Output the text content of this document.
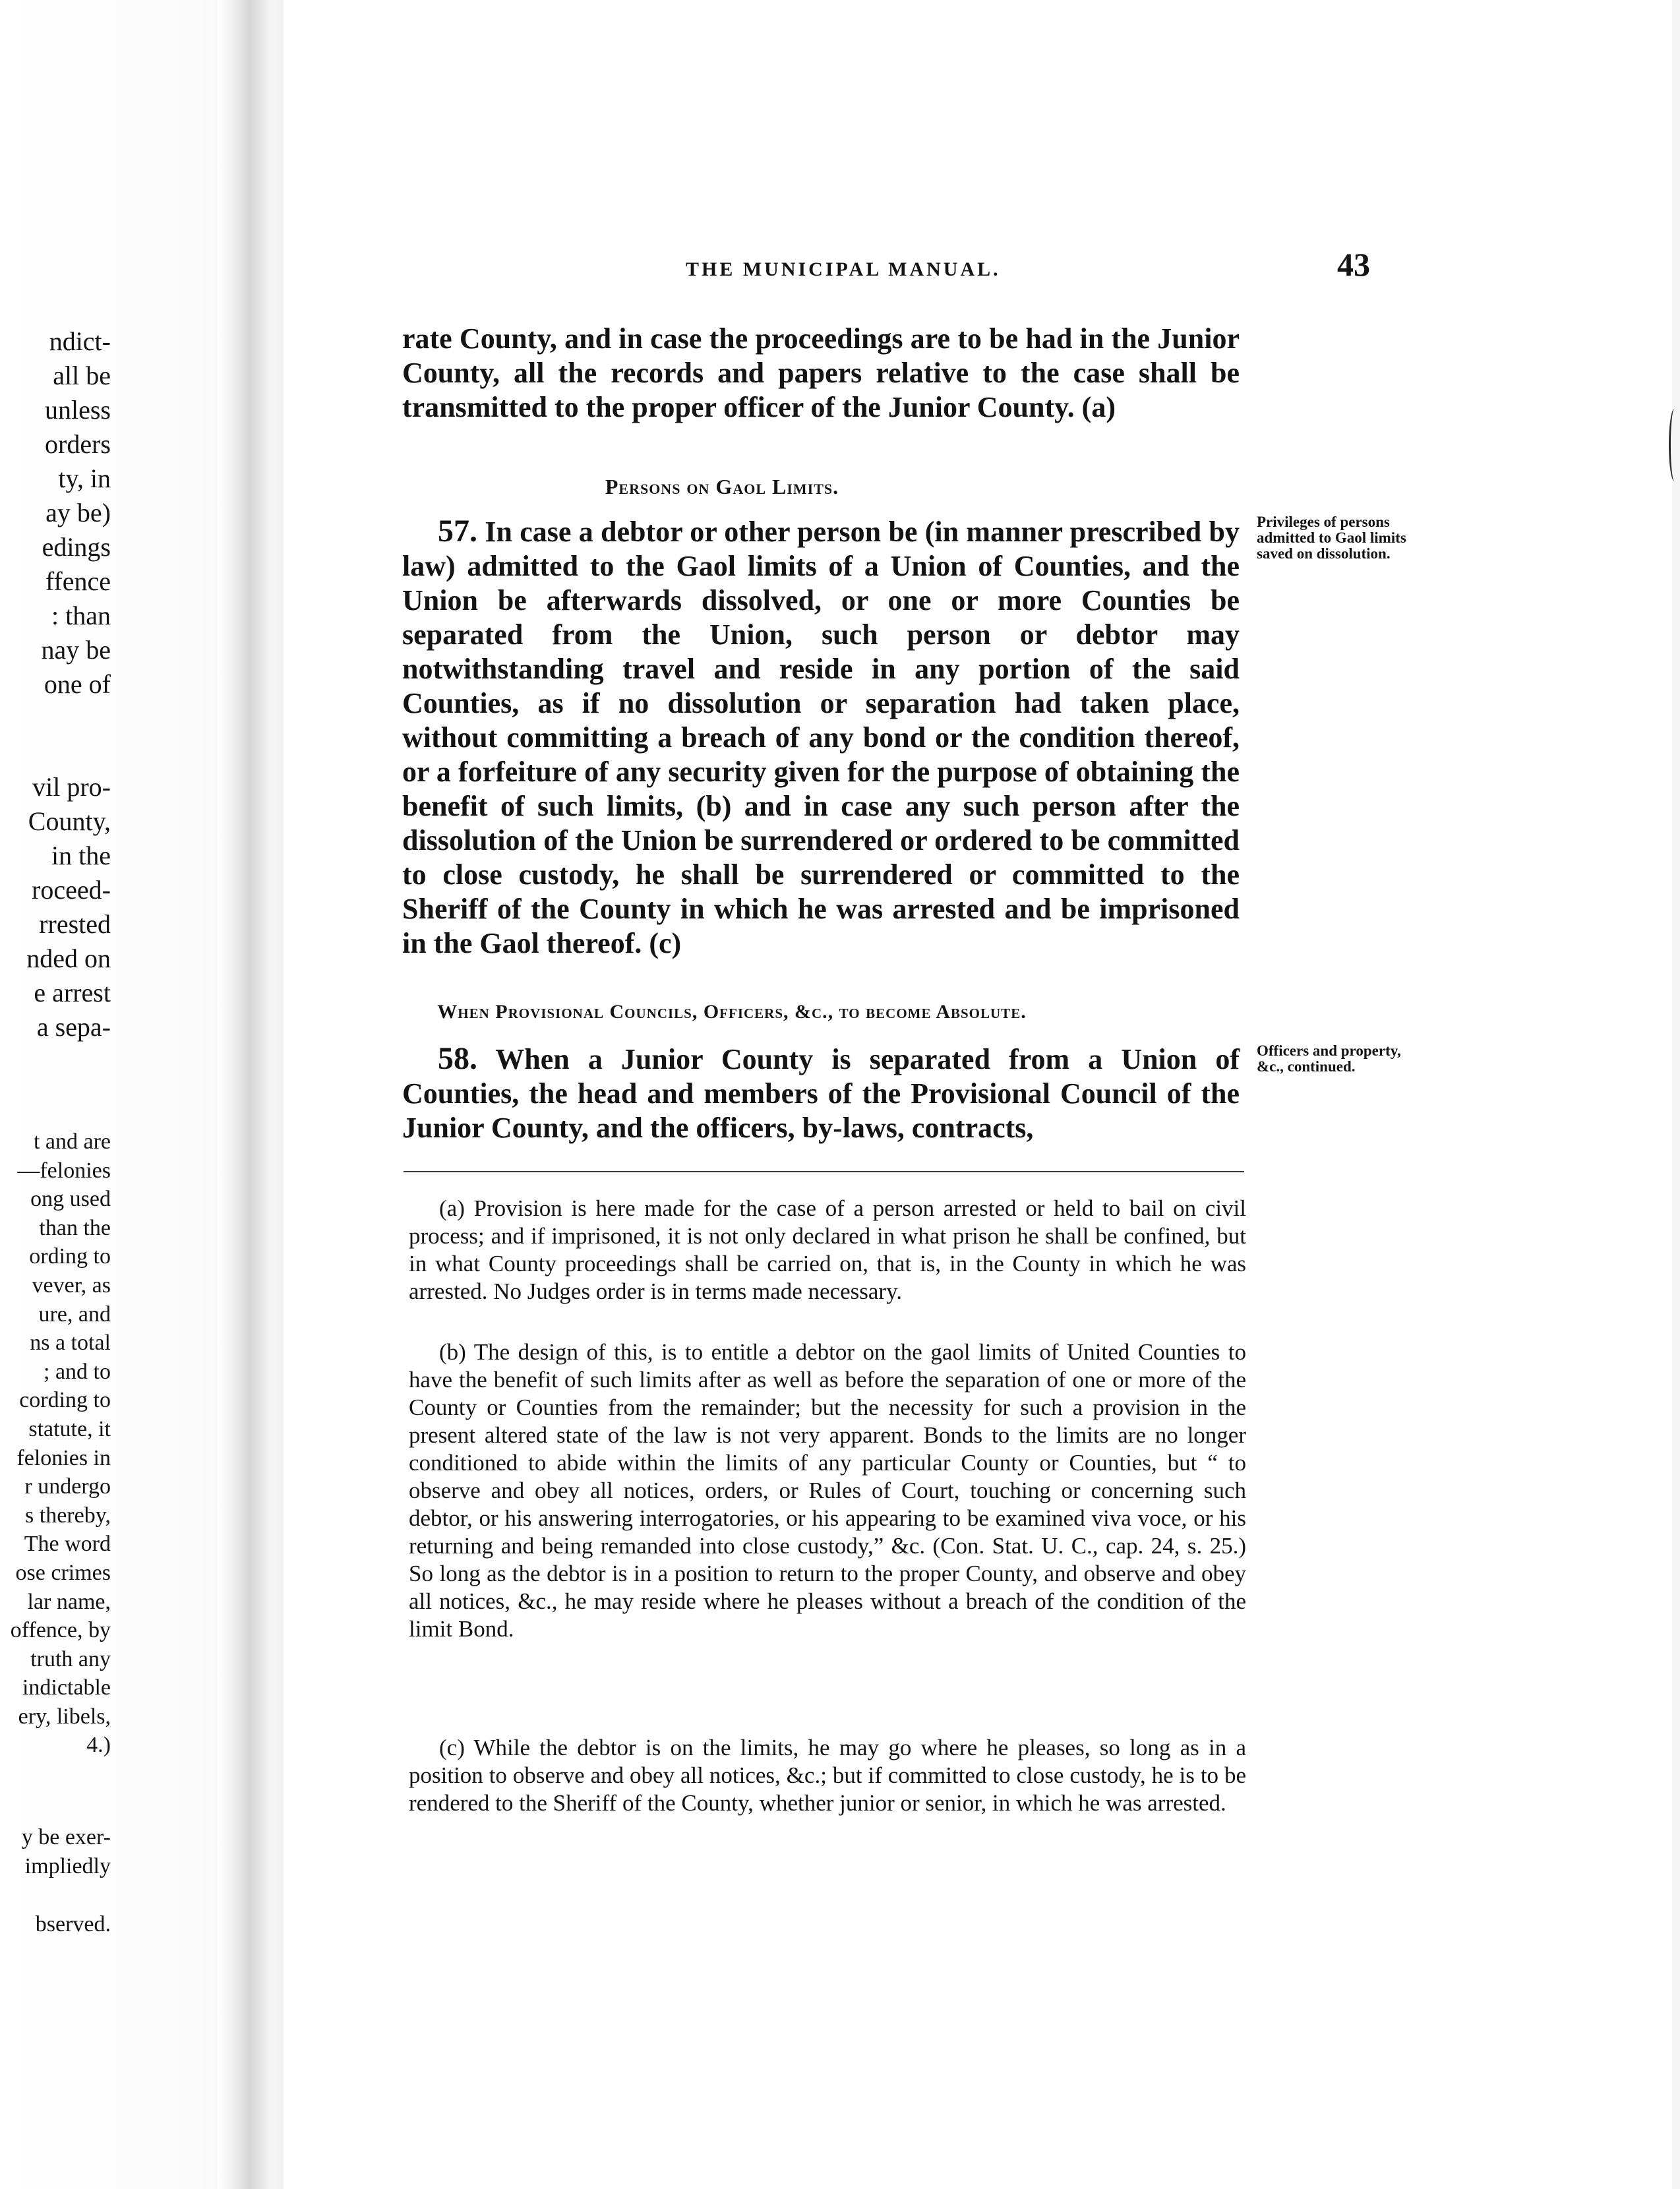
ndict-
all be
unless
orders
ty, in
ay be)
edings
ffence
: than
nay be
one of

vil pro-
County,
in the
roceed-
rrested
nded on
e arrest
a sepa-
t and are
—felonies
ong used
than the
ording to
vever, as
ure, and
ns a total
; and to
cording to
statute, it
felonies in
r undergo
s thereby,
The word
ose crimes
lar name,
offence, by
truth any
indictable
ery, libels,
4.)
y be exer-
impliedly

bserved.
THE MUNICIPAL MANUAL.	43

rate County, and in case the proceedings are to be had in the Junior County, all the records and papers relative to the case shall be transmitted to the proper officer of the Junior County. (a)

Persons on Gaol Limits.

57. In case a debtor or other person be (in manner prescribed by law) admitted to the Gaol limits of a Union of Counties, and the Union be afterwards dissolved, or one or more Counties be separated from the Union, such person or debtor may notwithstanding travel and reside in any portion of the said Counties, as if no dissolution or separation had taken place, without committing a breach of any bond or the condition thereof, or a forfeiture of any security given for the purpose of obtaining the benefit of such limits, (b) and in case any such person after the dissolution of the Union be surrendered or ordered to be committed to close custody, he shall be surrendered or committed to the Sheriff of the County in which he was arrested and be imprisoned in the Gaol thereof. (c)

Privileges of persons admitted to Gaol limits saved on dissolution.

When Provisional Councils, Officers, &c., to become Absolute.

58. When a Junior County is separated from a Union of Counties, the head and members of the Provisional Council of the Junior County, and the officers, by-laws, contracts,

Officers and property, &c., continued.

(a) Provision is here made for the case of a person arrested or held to bail on civil process; and if imprisoned, it is not only declared in what prison he shall be confined, but in what County proceedings shall be carried on, that is, in the County in which he was arrested. No Judges order is in terms made necessary.

(b) The design of this, is to entitle a debtor on the gaol limits of United Counties to have the benefit of such limits after as well as before the separation of one or more of the County or Counties from the remainder; but the necessity for such a provision in the present altered state of the law is not very apparent. Bonds to the limits are no longer conditioned to abide within the limits of any particular County or Counties, but “ to observe and obey all notices, orders, or Rules of Court, touching or concerning such debtor, or his answering interrogatories, or his appearing to be examined viva voce, or his returning and being remanded into close custody,” &c. (Con. Stat. U. C., cap. 24, s. 25.) So long as the debtor is in a position to return to the proper County, and observe and obey all notices, &c., he may reside where he pleases without a breach of the condition of the limit Bond.

(c) While the debtor is on the limits, he may go where he pleases, so long as in a position to observe and obey all notices, &c.; but if committed to close custody, he is to be rendered to the Sheriff of the County, whether junior or senior, in which he was arrested.
